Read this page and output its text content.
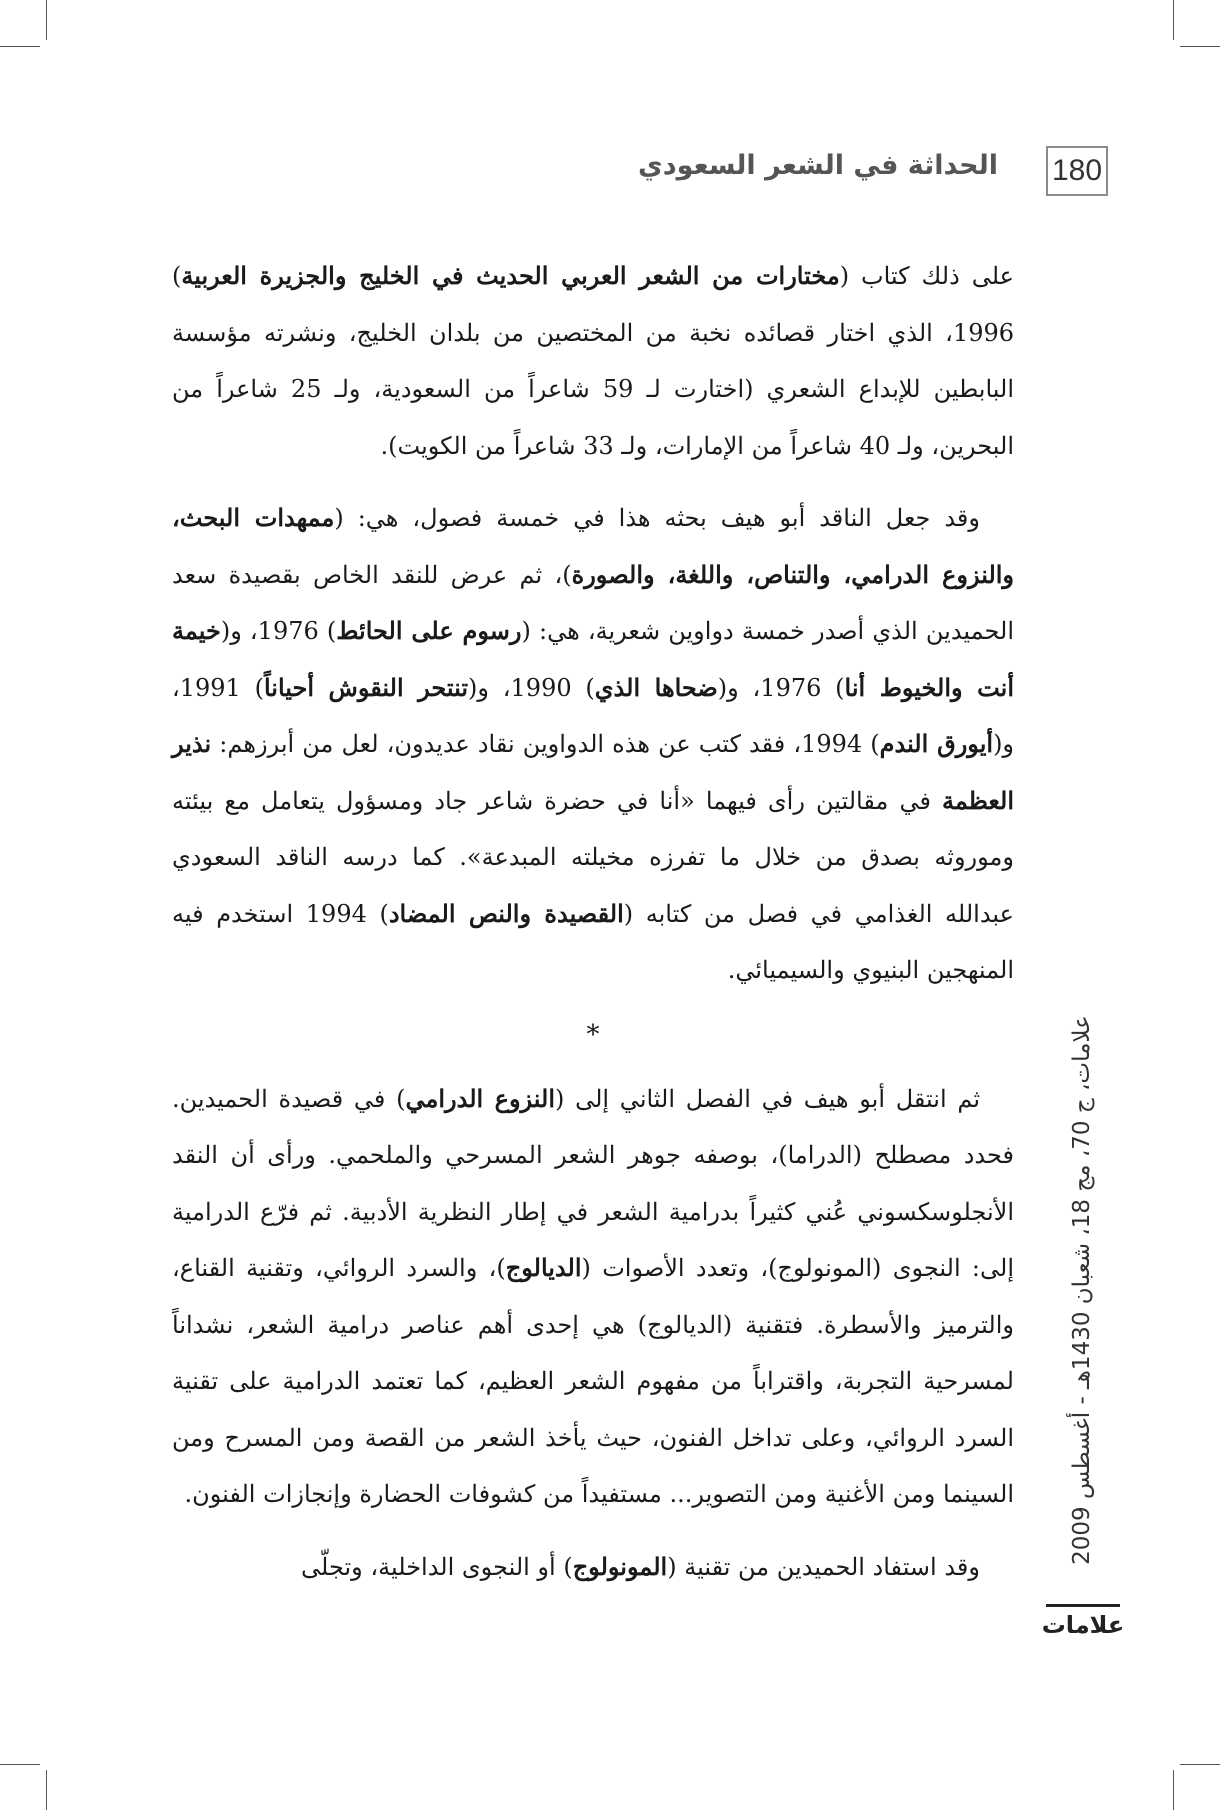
180
الحداثة في الشعر السعودي

على ذلك كتاب (مختارات من الشعر العربي الحديث في الخليج والجزيرة العربية) 1996، الذي اختار قصائده نخبة من المختصين من بلدان الخليج، ونشرته مؤسسة البابطين للإبداع الشعري (اختارت لـ 59 شاعراً من السعودية، ولـ 25 شاعراً من البحرين، ولـ 40 شاعراً من الإمارات، ولـ 33 شاعراً من الكويت).

وقد جعل الناقد أبو هيف بحثه هذا في خمسة فصول، هي: (ممهدات البحث، والنزوع الدرامي، والتناص، واللغة، والصورة)، ثم عرض للنقد الخاص بقصيدة سعد الحميدين الذي أصدر خمسة دواوين شعرية، هي: (رسوم على الحائط) 1976، و(خيمة أنت والخيوط أنا) 1976، و(ضحاها الذي) 1990، و(تنتحر النقوش أحياناً) 1991، و(أيورق الندم) 1994، فقد كتب عن هذه الدواوين نقاد عديدون، لعل من أبرزهم: نذير العظمة في مقالتين رأى فيهما «أنا في حضرة شاعر جاد ومسؤول يتعامل مع بيئته وموروثه بصدق من خلال ما تفرزه مخيلته المبدعة». كما درسه الناقد السعودي عبدالله الغذامي في فصل من كتابه (القصيدة والنص المضاد) 1994 استخدم فيه المنهجين البنيوي والسيميائي.

*

ثم انتقل أبو هيف في الفصل الثاني إلى (النزوع الدرامي) في قصيدة الحميدين. فحدد مصطلح (الدراما)، بوصفه جوهر الشعر المسرحي والملحمي. ورأى أن النقد الأنجلوسكسوني عُني كثيراً بدرامية الشعر في إطار النظرية الأدبية. ثم فرّع الدرامية إلى: النجوى (المونولوج)، وتعدد الأصوات (الديالوج)، والسرد الروائي، وتقنية القناع، والترميز والأسطرة. فتقنية (الديالوج) هي إحدى أهم عناصر درامية الشعر، نشداناً لمسرحية التجربة، واقتراباً من مفهوم الشعر العظيم، كما تعتمد الدرامية على تقنية السرد الروائي، وعلى تداخل الفنون، حيث يأخذ الشعر من القصة ومن المسرح ومن السينما ومن الأغنية ومن التصوير... مستفيداً من كشوفات الحضارة وإنجازات الفنون.

وقد استفاد الحميدين من تقنية (المونولوج) أو النجوى الداخلية، وتجلّى

علامات، ج 70، مج 18، شعبان 1430هـ - أغسطس 2009
علامات
